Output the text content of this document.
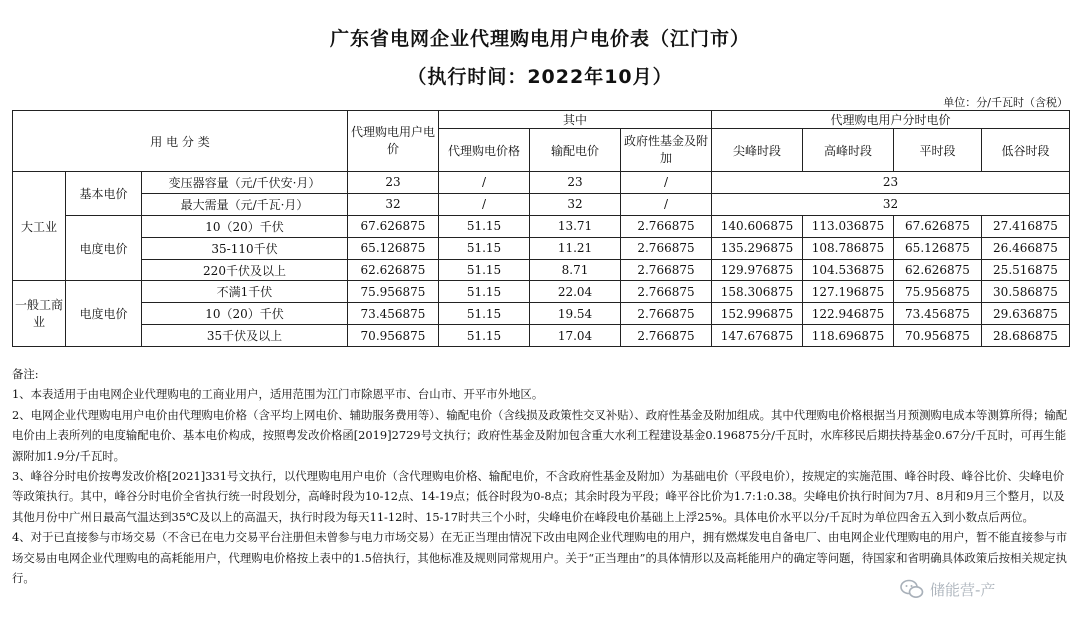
广东省电网企业代理购电用户电价表（江门市）
（执行时间：2022年10月）
单位：分/千瓦时（含税）
用 电 分 类			代理购电用户电价	其中			代理购电用户分时电价			
				代理购电价格	输配电价	政府性基金及附加	尖峰时段	高峰时段	平时段	低谷时段
大工业	基本电价	变压器容量（元/千伏安·月）	23	/	23	/	23			
		最大需量（元/千瓦·月）	32	/	32	/	32			
	电度电价	10（20）千伏	67.626875	51.15	13.71	2.766875	140.606875	113.036875	67.626875	27.416875
		35-110千伏	65.126875	51.15	11.21	2.766875	135.296875	108.786875	65.126875	26.466875
		220千伏及以上	62.626875	51.15	8.71	2.766875	129.976875	104.536875	62.626875	25.516875
一般工商业	电度电价	不满1千伏	75.956875	51.15	22.04	2.766875	158.306875	127.196875	75.956875	30.586875
		10（20）千伏	73.456875	51.15	19.54	2.766875	152.996875	122.946875	73.456875	29.636875
		35千伏及以上	70.956875	51.15	17.04	2.766875	147.676875	118.696875	70.956875	28.686875

备注:

1、本表适用于由电网企业代理购电的工商业用户，适用范围为江门市除恩平市、台山市、开平市外地区。

2、电网企业代理购电用户电价由代理购电价格（含平均上网电价、辅助服务费用等）、输配电价（含线损及政策性交叉补贴）、政府性基金及附加组成。其中代理购电价格根据当月预测购电成本等测算所得；输配电价由上表所列的电度输配电价、基本电价构成，按照粤发改价格函[2019]2729号文执行；政府性基金及附加包含重大水利工程建设基金0.196875分/千瓦时，水库移民后期扶持基金0.67分/千瓦时，可再生能源附加1.9分/千瓦时。

3、峰谷分时电价按粤发改价格[2021]331号文执行，以代理购电用户电价（含代理购电价格、输配电价，不含政府性基金及附加）为基础电价（平段电价），按规定的实施范围、峰谷时段、峰谷比价、尖峰电价等政策执行。其中，峰谷分时电价全省执行统一时段划分，高峰时段为10-12点、14-19点；低谷时段为0-8点；其余时段为平段；峰平谷比价为1.7:1:0.38。尖峰电价执行时间为7月、8月和9月三个整月，以及其他月份中广州日最高气温达到35℃及以上的高温天，执行时段为每天11-12时、15-17时共三个小时，尖峰电价在峰段电价基础上上浮25%。具体电价水平以分/千瓦时为单位四舍五入到小数点后两位。

4、对于已直接参与市场交易（不含已在电力交易平台注册但未曾参与电力市场交易）在无正当理由情况下改由电网企业代理购电的用户，拥有燃煤发电自备电厂、由电网企业代理购电的用户，暂不能直接参与市场交易由电网企业代理购电的高耗能用户，代理购电价格按上表中的1.5倍执行，其他标准及规则同常规用户。关于“正当理由”的具体情形以及高耗能用户的确定等问题，待国家和省明确具体政策后按相关规定执行。

储能营-产
